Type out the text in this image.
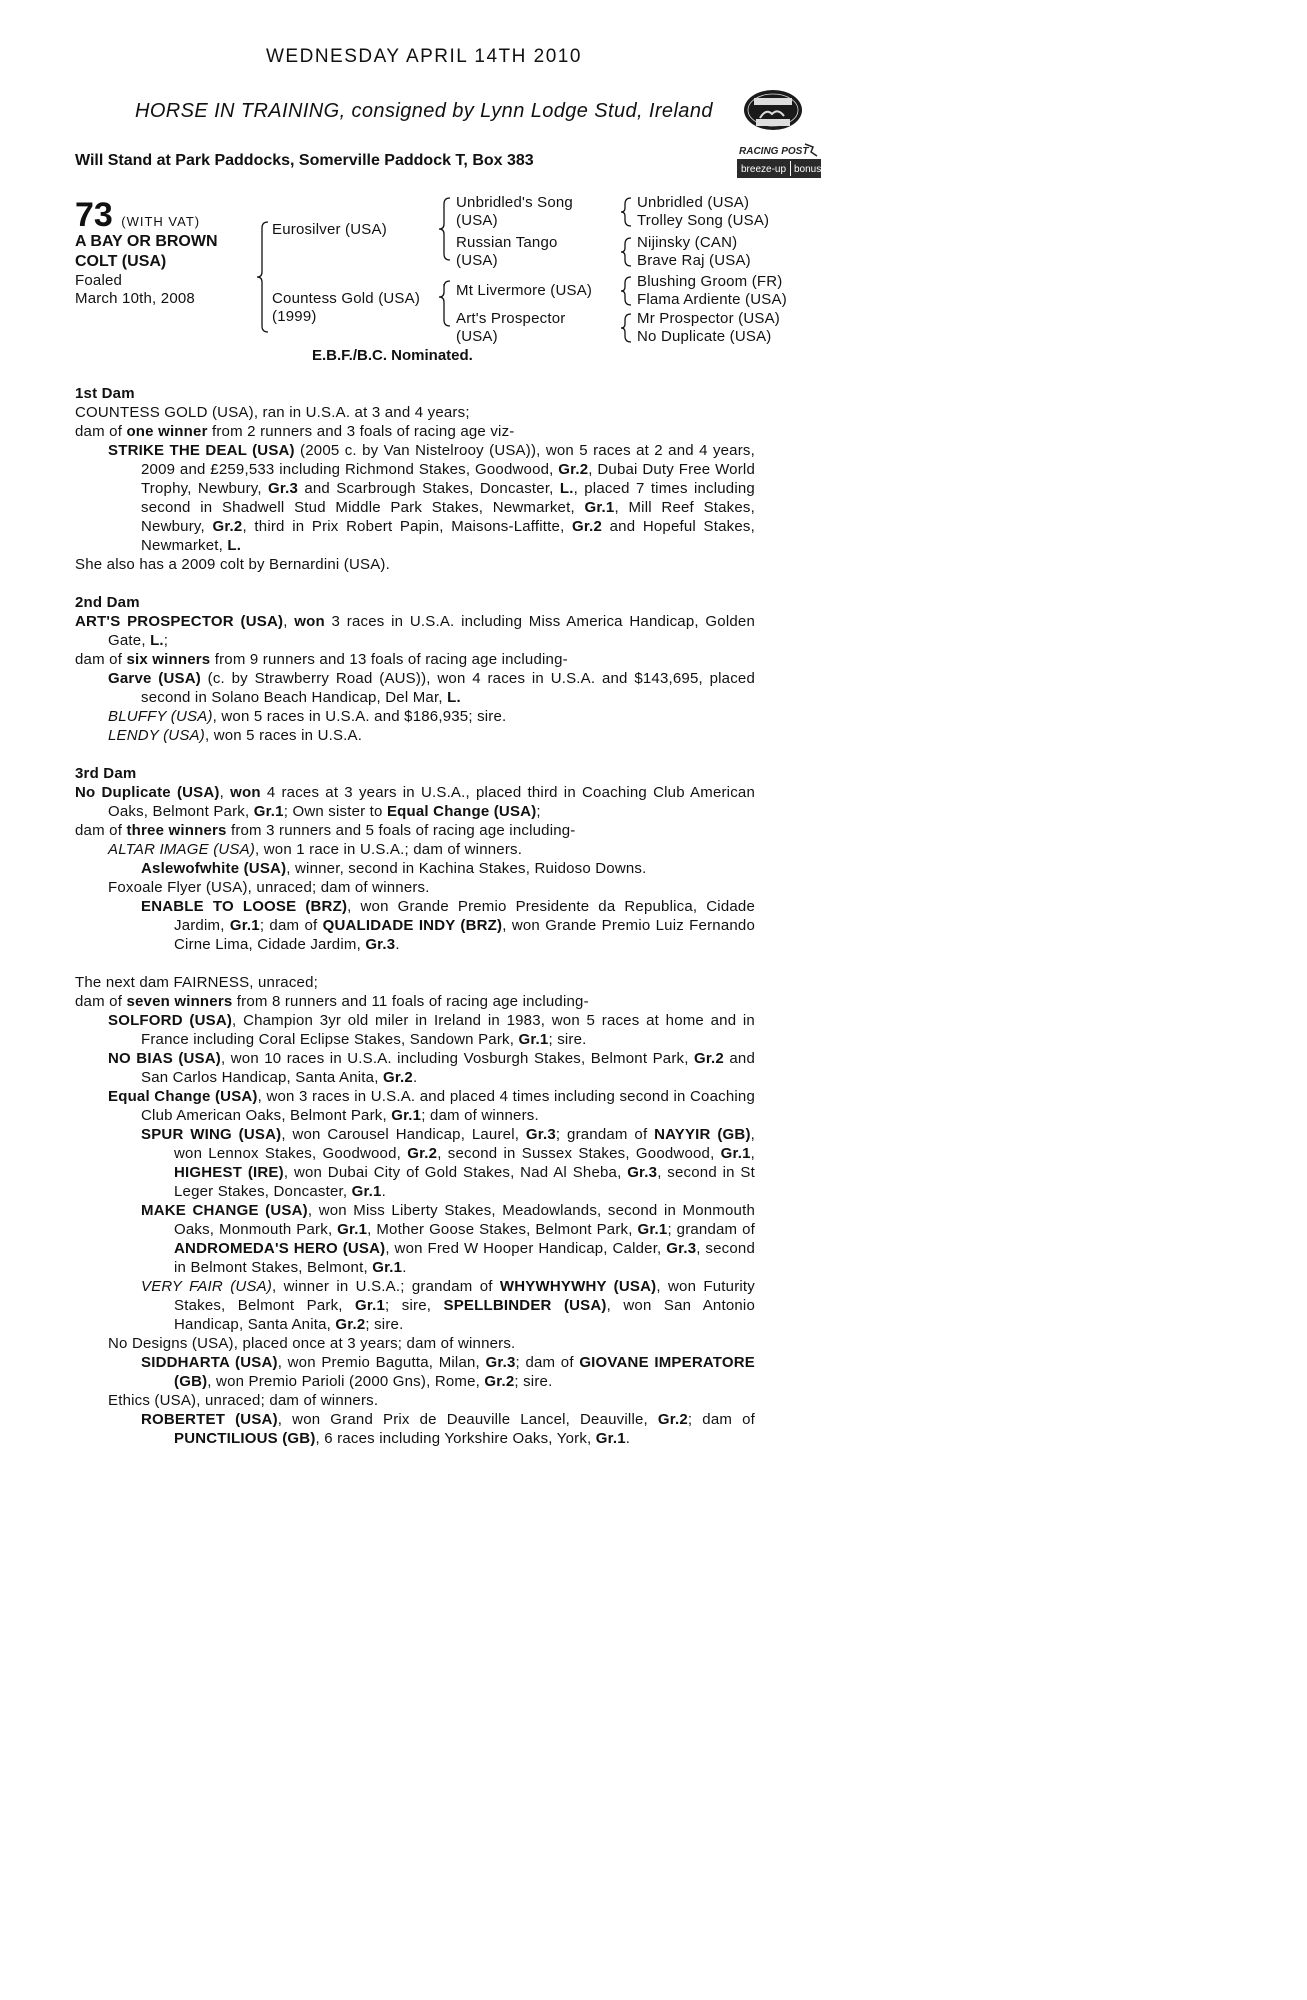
WEDNESDAY APRIL 14TH 2010
HORSE IN TRAINING, consigned by Lynn Lodge Stud, Ireland
Will Stand at Park Paddocks, Somerville Paddock T, Box 383
RACING POST
breeze-up bonus
73 (WITH VAT)
A BAY OR BROWN
COLT (USA)
Foaled
March 10th, 2008
Eurosilver (USA)
Countess Gold (USA)
(1999)
Unbridled's Song
(USA)
Russian Tango
(USA)
Mt Livermore (USA)
Art's Prospector
(USA)
Unbridled (USA)
Trolley Song (USA)
Nijinsky (CAN)
Brave Raj (USA)
Blushing Groom (FR)
Flama Ardiente (USA)
Mr Prospector (USA)
No Duplicate (USA)
E.B.F./B.C. Nominated.
1st Dam
COUNTESS GOLD (USA), ran in U.S.A. at 3 and 4 years;
dam of one winner from 2 runners and 3 foals of racing age viz-
STRIKE THE DEAL (USA) (2005 c. by Van Nistelrooy (USA)), won 5 races at 2 and 4 years, 2009 and £259,533 including Richmond Stakes, Goodwood, Gr.2, Dubai Duty Free World Trophy, Newbury, Gr.3 and Scarbrough Stakes, Doncaster, L., placed 7 times including second in Shadwell Stud Middle Park Stakes, Newmarket, Gr.1, Mill Reef Stakes, Newbury, Gr.2, third in Prix Robert Papin, Maisons-Laffitte, Gr.2 and Hopeful Stakes, Newmarket, L.
She also has a 2009 colt by Bernardini (USA).
2nd Dam
ART'S PROSPECTOR (USA), won 3 races in U.S.A. including Miss America Handicap, Golden Gate, L.;
dam of six winners from 9 runners and 13 foals of racing age including-
Garve (USA) (c. by Strawberry Road (AUS)), won 4 races in U.S.A. and $143,695, placed second in Solano Beach Handicap, Del Mar, L.
BLUFFY (USA), won 5 races in U.S.A. and $186,935; sire.
LENDY (USA), won 5 races in U.S.A.
3rd Dam
No Duplicate (USA), won 4 races at 3 years in U.S.A., placed third in Coaching Club American Oaks, Belmont Park, Gr.1; Own sister to Equal Change (USA);
dam of three winners from 3 runners and 5 foals of racing age including-
ALTAR IMAGE (USA), won 1 race in U.S.A.; dam of winners.
Aslewofwhite (USA), winner, second in Kachina Stakes, Ruidoso Downs.
Foxoale Flyer (USA), unraced; dam of winners.
ENABLE TO LOOSE (BRZ), won Grande Premio Presidente da Republica, Cidade Jardim, Gr.1; dam of QUALIDADE INDY (BRZ), won Grande Premio Luiz Fernando Cirne Lima, Cidade Jardim, Gr.3.
The next dam FAIRNESS, unraced;
dam of seven winners from 8 runners and 11 foals of racing age including-
SOLFORD (USA), Champion 3yr old miler in Ireland in 1983, won 5 races at home and in France including Coral Eclipse Stakes, Sandown Park, Gr.1; sire.
NO BIAS (USA), won 10 races in U.S.A. including Vosburgh Stakes, Belmont Park, Gr.2 and San Carlos Handicap, Santa Anita, Gr.2.
Equal Change (USA), won 3 races in U.S.A. and placed 4 times including second in Coaching Club American Oaks, Belmont Park, Gr.1; dam of winners.
SPUR WING (USA), won Carousel Handicap, Laurel, Gr.3; grandam of NAYYIR (GB), won Lennox Stakes, Goodwood, Gr.2, second in Sussex Stakes, Goodwood, Gr.1, HIGHEST (IRE), won Dubai City of Gold Stakes, Nad Al Sheba, Gr.3, second in St Leger Stakes, Doncaster, Gr.1.
MAKE CHANGE (USA), won Miss Liberty Stakes, Meadowlands, second in Monmouth Oaks, Monmouth Park, Gr.1, Mother Goose Stakes, Belmont Park, Gr.1; grandam of ANDROMEDA'S HERO (USA), won Fred W Hooper Handicap, Calder, Gr.3, second in Belmont Stakes, Belmont, Gr.1.
VERY FAIR (USA), winner in U.S.A.; grandam of WHYWHYWHY (USA), won Futurity Stakes, Belmont Park, Gr.1; sire, SPELLBINDER (USA), won San Antonio Handicap, Santa Anita, Gr.2; sire.
No Designs (USA), placed once at 3 years; dam of winners.
SIDDHARTA (USA), won Premio Bagutta, Milan, Gr.3; dam of GIOVANE IMPERATORE (GB), won Premio Parioli (2000 Gns), Rome, Gr.2; sire.
Ethics (USA), unraced; dam of winners.
ROBERTET (USA), won Grand Prix de Deauville Lancel, Deauville, Gr.2; dam of PUNCTILIOUS (GB), 6 races including Yorkshire Oaks, York, Gr.1.
